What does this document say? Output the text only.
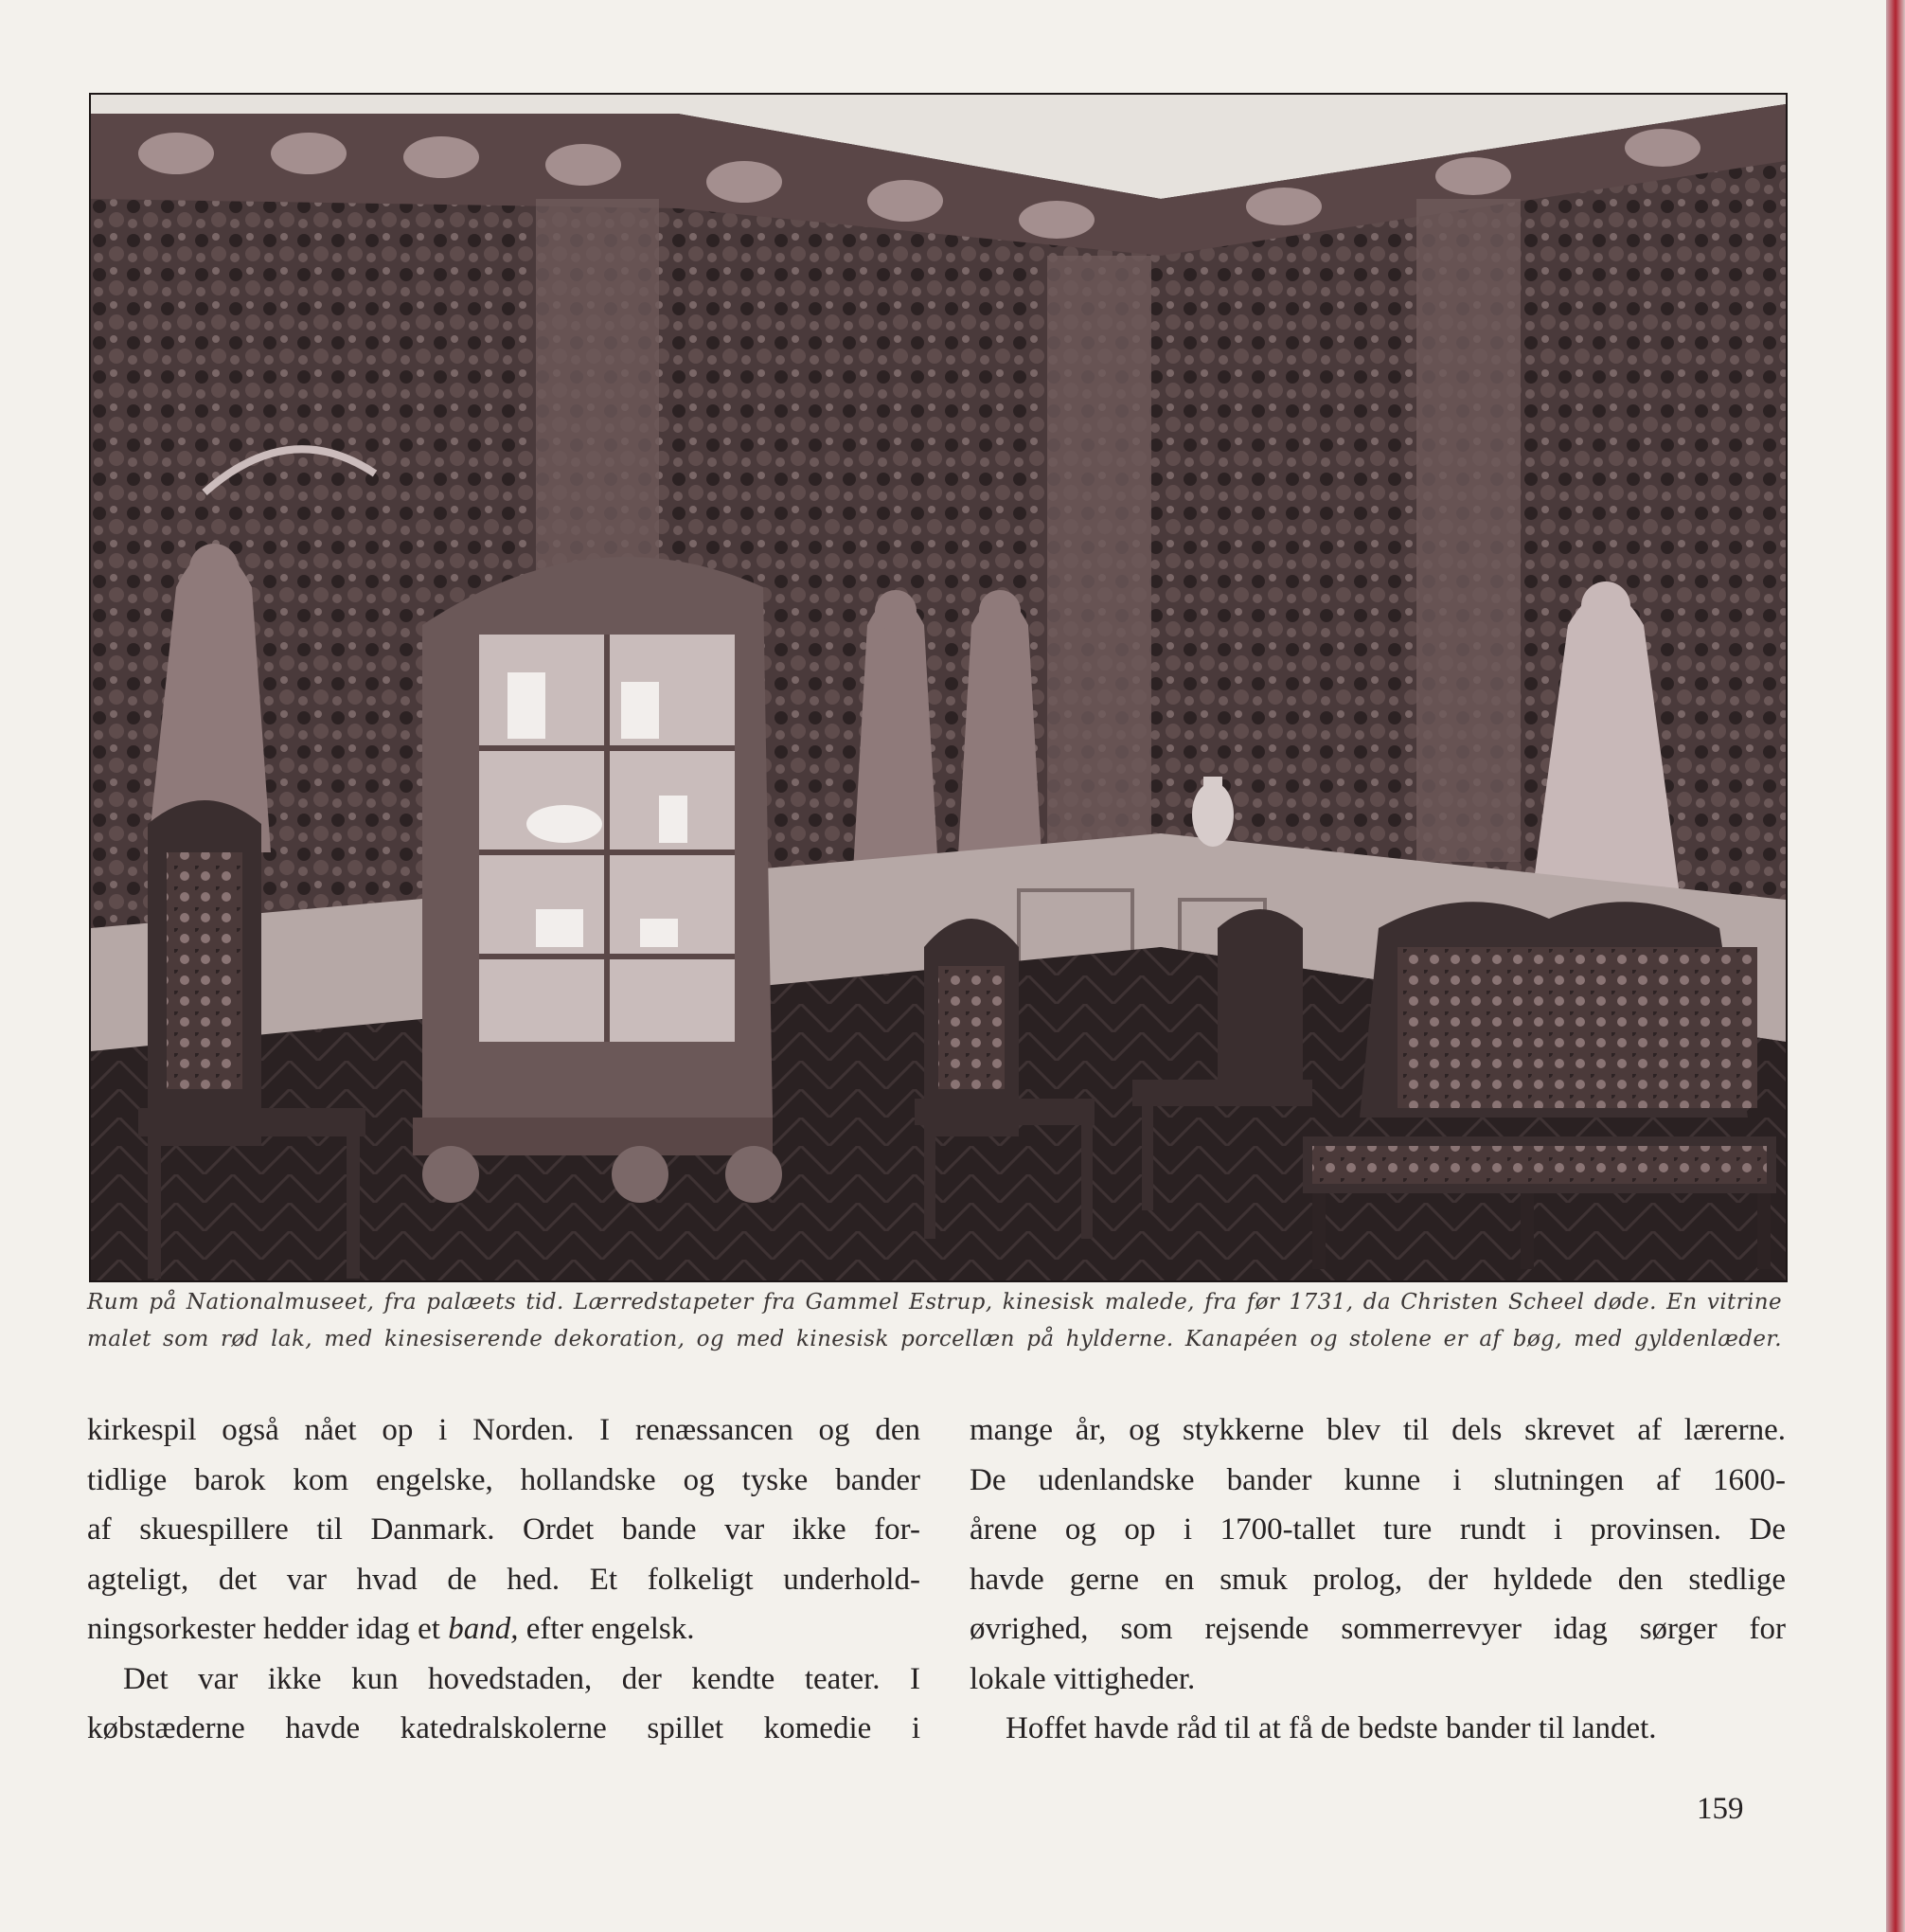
Rum på Nationalmuseet, fra palæets tid. Lærredstapeter fra Gammel Estrup, kinesisk malede, fra før 1731, da Christen Scheel døde. En vitrine
malet som rød lak, med kinesiserende dekoration, og med kinesisk porcellæn på hylderne. Kanapéen og stolene er af bøg, med gyldenlæder.

kirkespil også nået op i Norden. I renæssancen og den
tidlige barok kom engelske, hollandske og tyske bander
af skuespillere til Danmark. Ordet bande var ikke for-
agteligt, det var hvad de hed. Et folkeligt underhold-
ningsorkester hedder idag et band, efter engelsk.

Det var ikke kun hovedstaden, der kendte teater. I
købstæderne havde katedralskolerne spillet komedie i

mange år, og stykkerne blev til dels skrevet af lærerne.
De udenlandske bander kunne i slutningen af 1600-
årene og op i 1700-tallet ture rundt i provinsen. De
havde gerne en smuk prolog, der hyldede den stedlige
øvrighed, som rejsende sommerrevyer idag sørger for
lokale vittigheder.

Hoffet havde råd til at få de bedste bander til landet.

159
